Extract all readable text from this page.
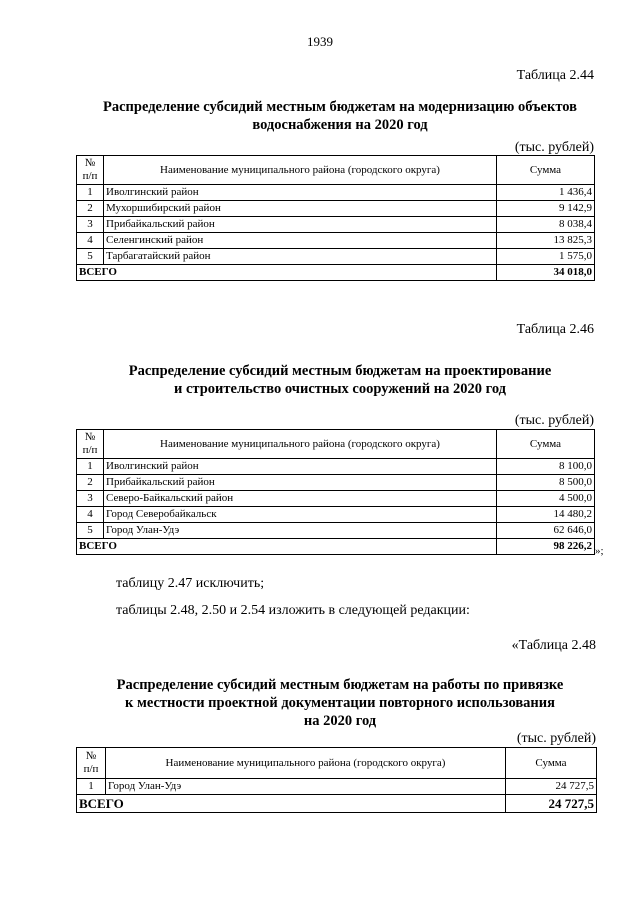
1939
Таблица 2.44
Распределение субсидий местным бюджетам на модернизацию объектов
водоснабжения на 2020 год
(тыс. рублей)
№
п/п	Наименование муниципального района (городского округа)	Сумма
1	Иволгинский район	1 436,4
2	Мухоршибирский район	9 142,9
3	Прибайкальский район	8 038,4
4	Селенгинский район	13 825,3
5	Тарбагатайский район	1 575,0
ВСЕГО		34 018,0
Таблица 2.46
Распределение субсидий местным бюджетам на проектирование
и строительство очистных сооружений на 2020 год
(тыс. рублей)
№
п/п	Наименование муниципального района (городского округа)	Сумма
1	Иволгинский район	8 100,0
2	Прибайкальский район	8 500,0
3	Северо-Байкальский район	4 500,0
4	Город Северобайкальск	14 480,2
5	Город Улан-Удэ	62 646,0
ВСЕГО		98 226,2 »;
таблицу 2.47 исключить;
таблицы 2.48, 2.50 и 2.54 изложить в следующей редакции:
«Таблица 2.48
Распределение субсидий местным бюджетам на работы по привязке
к местности проектной документации повторного использования
на 2020 год
(тыс. рублей)
№
п/п	Наименование муниципального района (городского округа)	Сумма
1	Город Улан-Удэ	24 727,5
ВСЕГО		24 727,5
